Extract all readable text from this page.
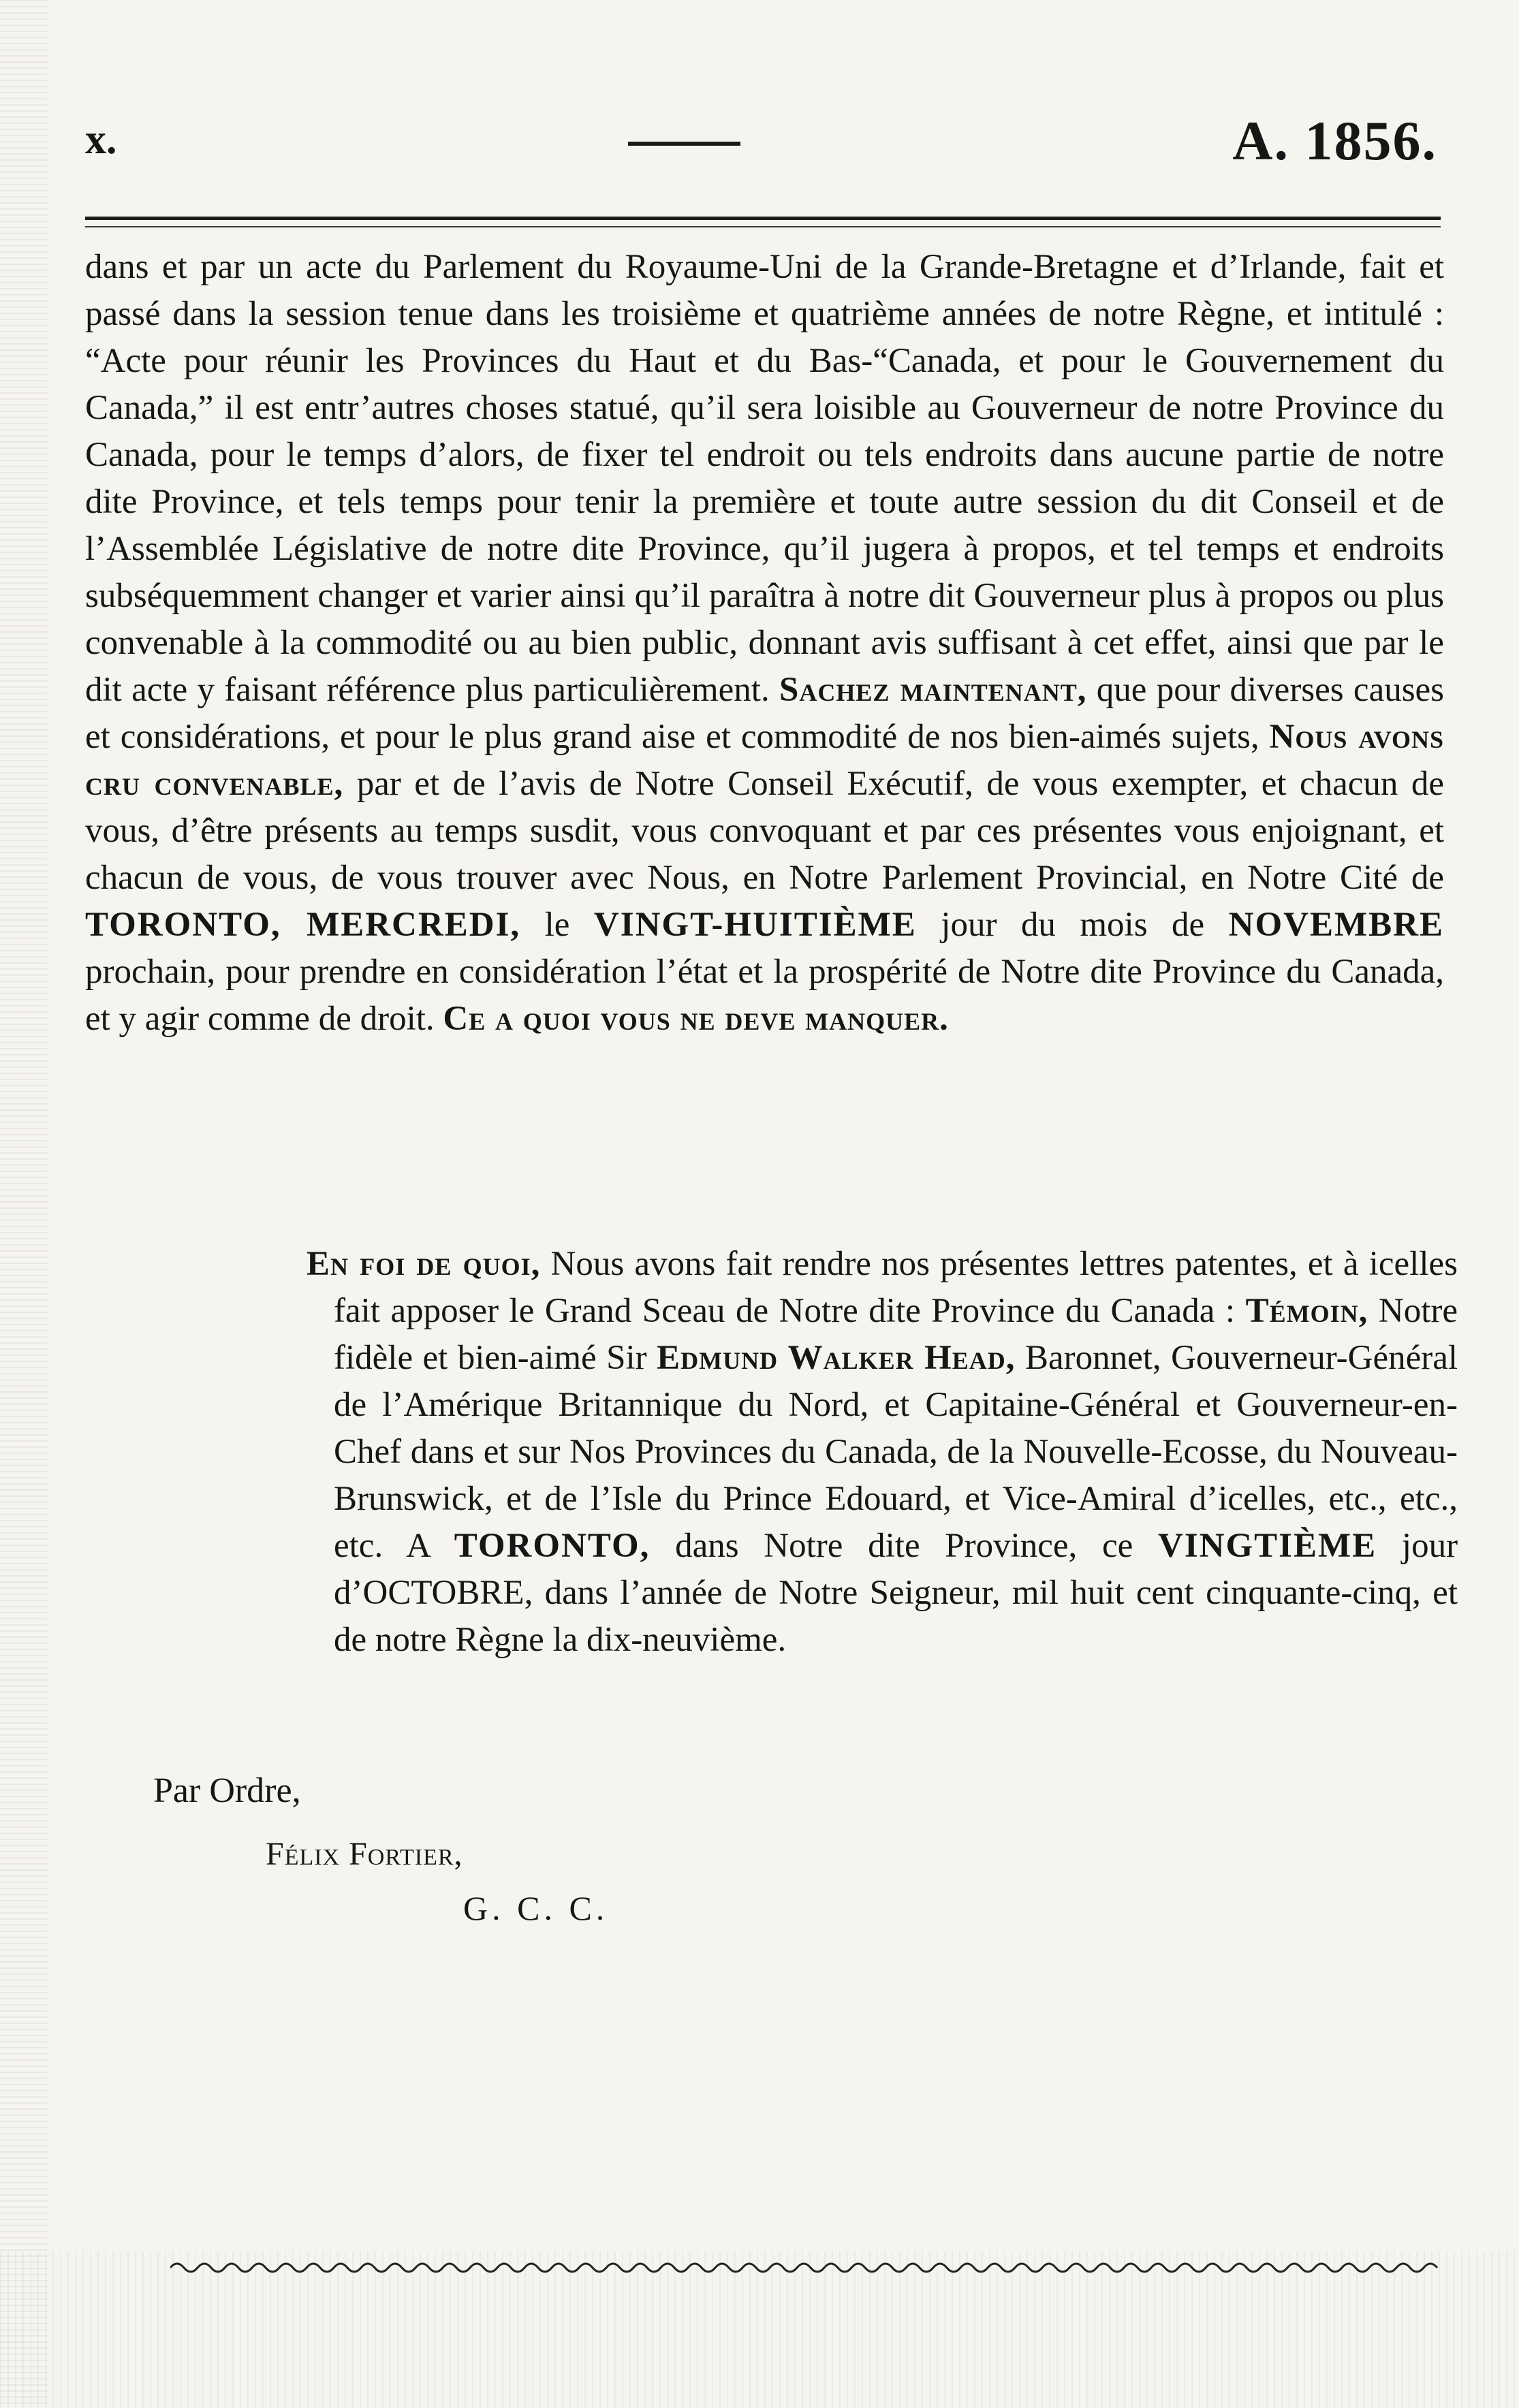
x.	A. 1856.

dans et par un acte du Parlement du Royaume-Uni de la Grande-Bretagne et d’Irlande, fait et passé dans la session tenue dans les troisième et quatrième années de notre Règne, et intitulé : “Acte pour réunir les Provinces du Haut et du Bas-“Canada, et pour le Gouvernement du Canada,” il est entr’autres choses statué, qu’il sera loisible au Gouverneur de notre Province du Canada, pour le temps d’alors, de fixer tel endroit ou tels endroits dans aucune partie de notre dite Province, et tels temps pour tenir la première et toute autre session du dit Conseil et de l’Assemblée Législative de notre dite Province, qu’il jugera à propos, et tel temps et endroits subséquemment changer et varier ainsi qu’il paraîtra à notre dit Gouverneur plus à propos ou plus convenable à la commodité ou au bien public, donnant avis suffisant à cet effet, ainsi que par le dit acte y faisant référence plus particulièrement. Sachez maintenant, que pour diverses causes et considérations, et pour le plus grand aise et commodité de nos bien-aimés sujets, Nous avons cru convenable, par et de l’avis de Notre Conseil Exécutif, de vous exempter, et chacun de vous, d’être présents au temps susdit, vous convoquant et par ces présentes vous enjoignant, et chacun de vous, de vous trouver avec Nous, en Notre Parlement Provincial, en Notre Cité de TORONTO, MERCREDI, le VINGT-HUITIÈME jour du mois de NOVEMBRE prochain, pour prendre en considération l’état et la prospérité de Notre dite Province du Canada, et y agir comme de droit. Ce a quoi vous ne deve manquer.

En foi de quoi, Nous avons fait rendre nos présentes lettres patentes, et à icelles fait apposer le Grand Sceau de Notre dite Province du Canada : Témoin, Notre fidèle et bien-aimé Sir Edmund Walker Head, Baronnet, Gouverneur-Général de l’Amérique Britannique du Nord, et Capitaine-Général et Gouverneur-en-Chef dans et sur Nos Provinces du Canada, de la Nouvelle-Ecosse, du Nouveau-Brunswick, et de l’Isle du Prince Edouard, et Vice-Amiral d’icelles, etc., etc., etc. A TORONTO, dans Notre dite Province, ce VINGTIÈME jour d’OCTOBRE, dans l’année de Notre Seigneur, mil huit cent cinquante-cinq, et de notre Règne la dix-neuvième.

Par Ordre,

Félix Fortier,

G. C. C.
